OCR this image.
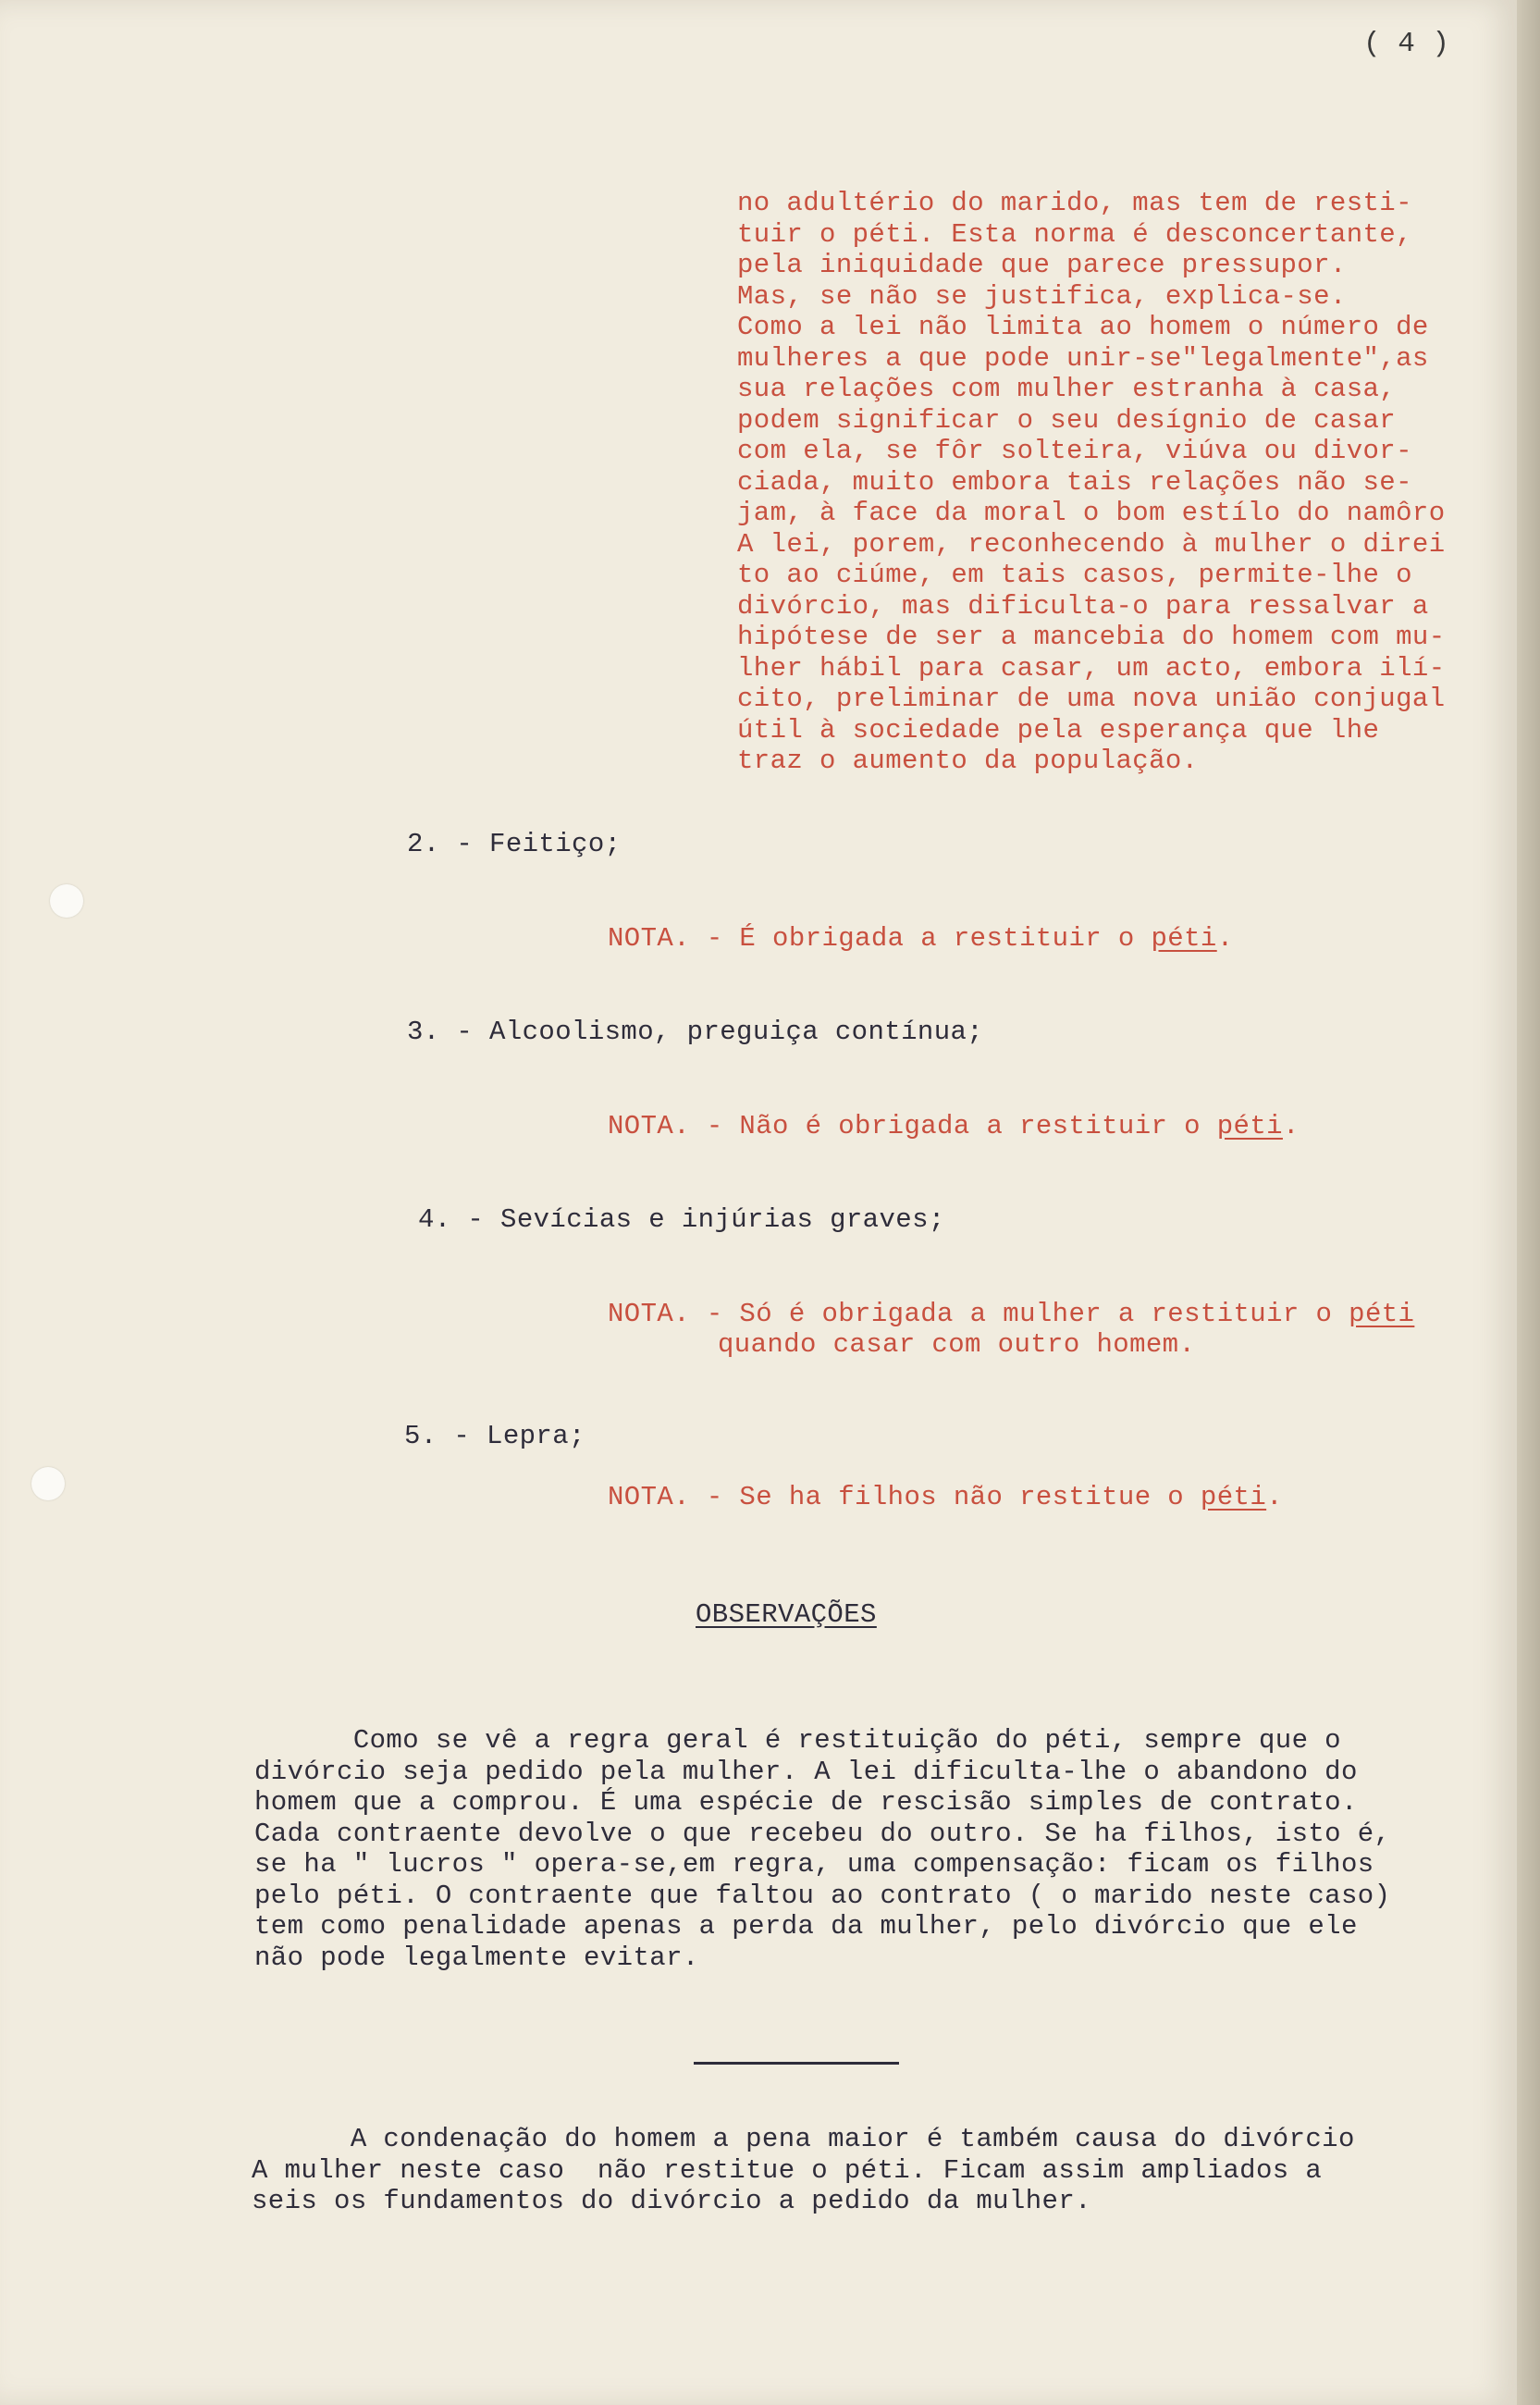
( 4 )
no adultério do marido, mas tem de resti-
tuir o péti. Esta norma é desconcertante,
pela iniquidade que parece pressupor.
Mas, se não se justifica, explica-se.
Como a lei não limita ao homem o número de
mulheres a que pode unir-se"legalmente",as
sua relações com mulher estranha à casa,
podem significar o seu desígnio de casar
com ela, se fôr solteira, viúva ou divor-
ciada, muito embora tais relações não se-
jam, à face da moral o bom estílo do namôro
A lei, porem, reconhecendo à mulher o direi
to ao ciúme, em tais casos, permite-lhe o
divórcio, mas dificulta-o para ressalvar a
hipótese de ser a mancebia do homem com mu-
lher hábil para casar, um acto, embora ilí-
cito, preliminar de uma nova união conjugal
útil à sociedade pela esperança que lhe
traz o aumento da população.
2. - Feitiço;
NOTA. - É obrigada a restituir o péti.
3. - Alcoolismo, preguiça contínua;
NOTA. - Não é obrigada a restituir o péti.
4. - Sevícias e injúrias graves;
NOTA. - Só é obrigada a mulher a restituir o péti
quando casar com outro homem.
5. - Lepra;
NOTA. - Se ha filhos não restitue o péti.
OBSERVAÇÕES
Como se vê a regra geral é restituição do péti, sempre que o
divórcio seja pedido pela mulher. A lei dificulta-lhe o abandono do
homem que a comprou. É uma espécie de rescisão simples de contrato.
Cada contraente devolve o que recebeu do outro. Se ha filhos, isto é,
se ha " lucros " opera-se,em regra, uma compensação: ficam os filhos
pelo péti. O contraente que faltou ao contrato ( o marido neste caso)
tem como penalidade apenas a perda da mulher, pelo divórcio que ele
não pode legalmente evitar.
A condenação do homem a pena maior é também causa do divórcio
A mulher neste caso  não restitue o péti. Ficam assim ampliados a
seis os fundamentos do divórcio a pedido da mulher.
